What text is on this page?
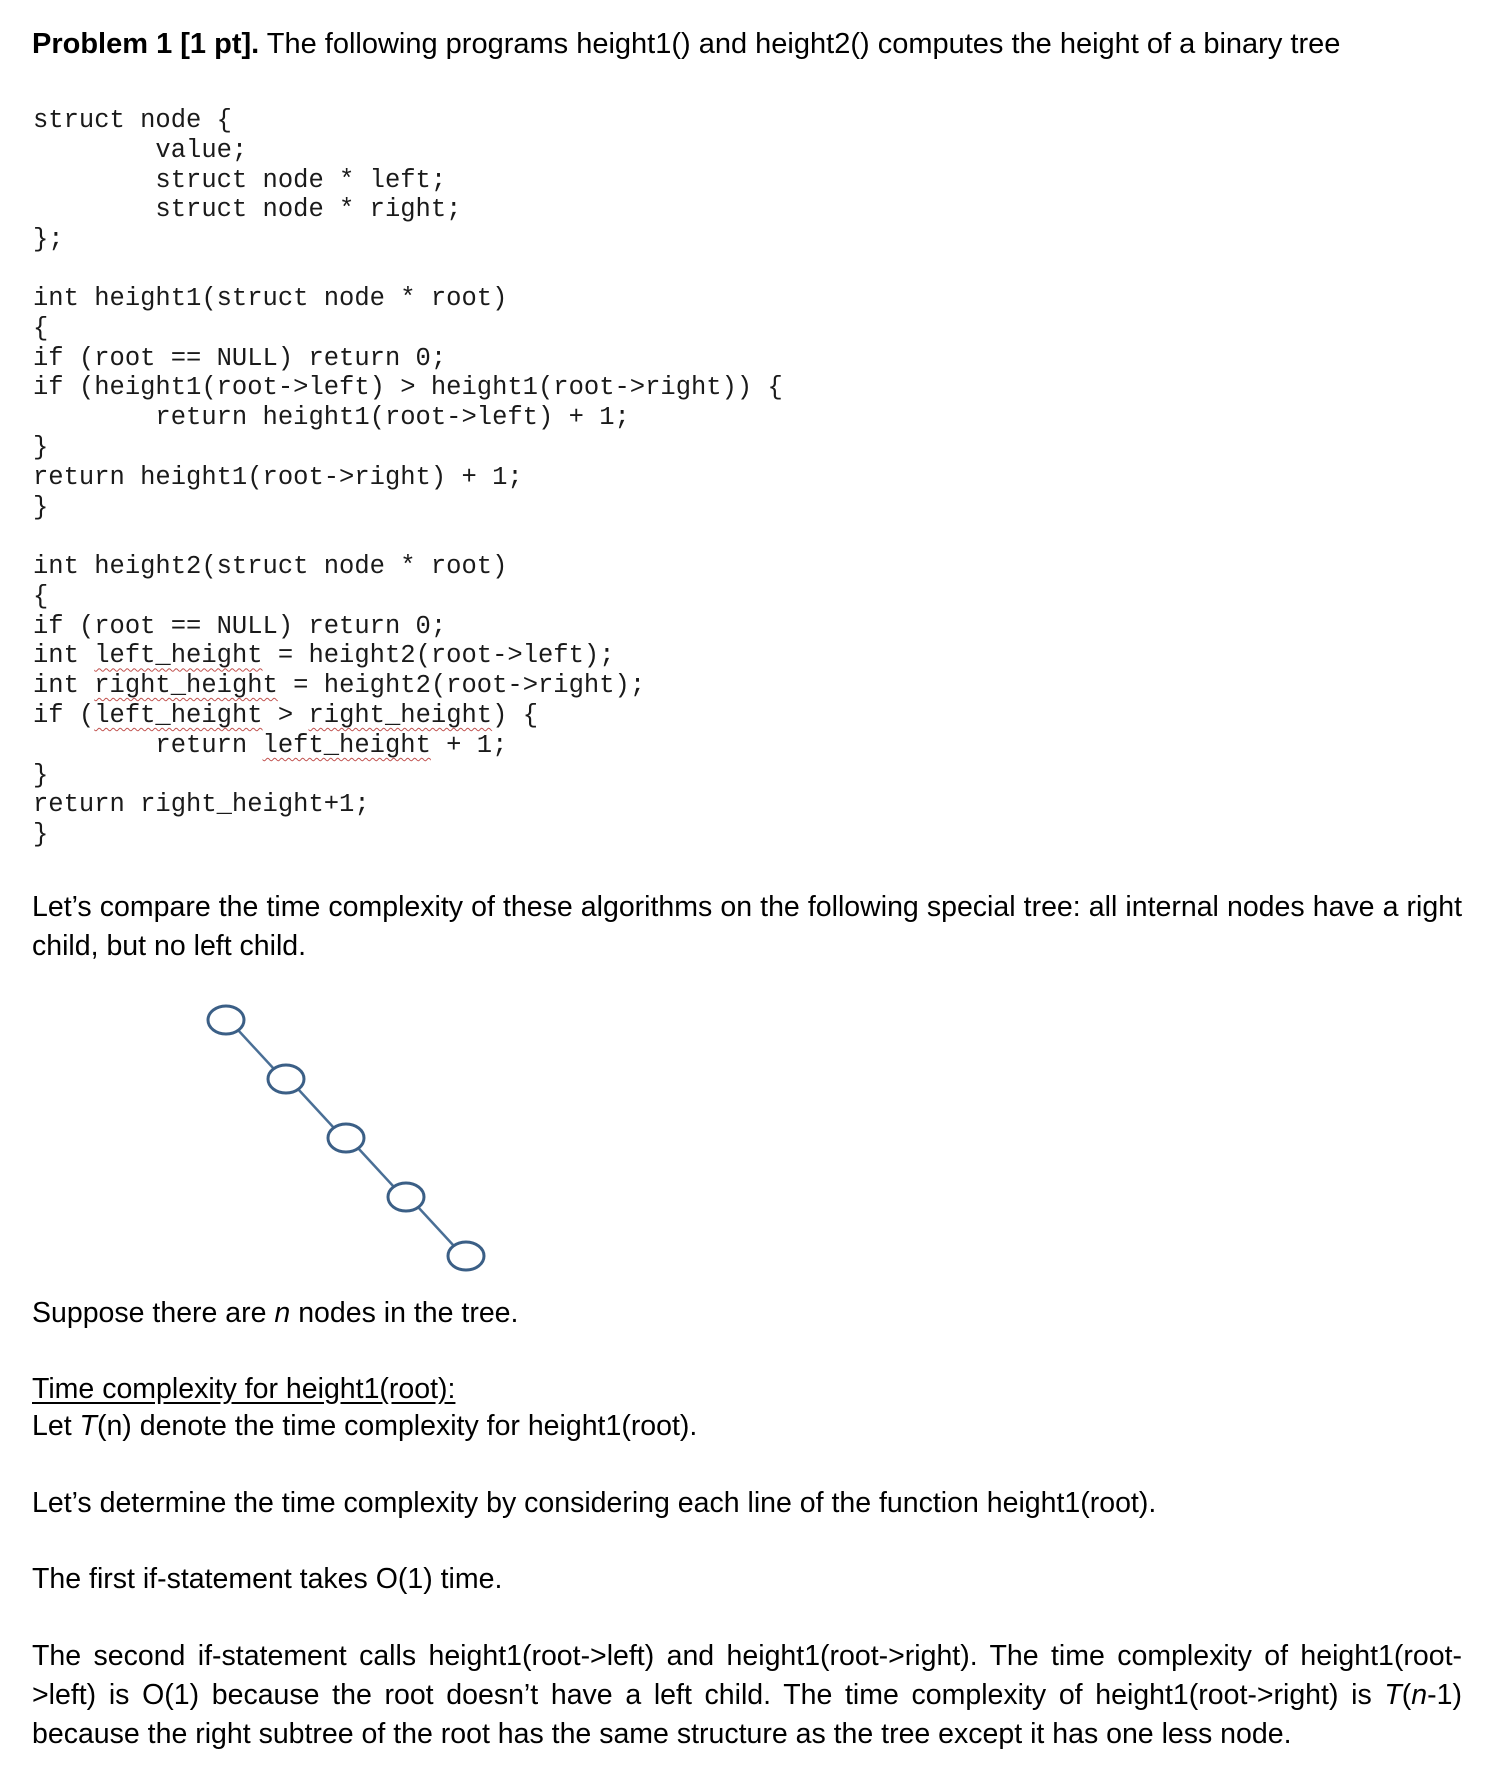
Problem 1 [1 pt]. The following programs height1() and height2() computes the height of a binary tree
struct node {
value;
struct node * left;
struct node * right;
};
int height1(struct node * root)
{
if (root == NULL) return 0;
if (height1(root->left) > height1(root->right)) {
return height1(root->left) + 1;
}
return height1(root->right) + 1;
}
int height2(struct node * root)
{
if (root == NULL) return 0;
int left_height = height2(root->left);
int right_height = height2(root->right);
if (left_height > right_height) {
return left_height + 1;
}
return right_height+1;
}
Let’s compare the time complexity of these algorithms on the following special tree: all internal nodes have a right child, but no left child.
Suppose there are n nodes in the tree.
Time complexity for height1(root):
Let T(n) denote the time complexity for height1(root).
Let’s determine the time complexity by considering each line of the function height1(root).
The first if-statement takes O(1) time.
The second if-statement calls height1(root->left) and height1(root->right). The time complexity of height1(root->left) is O(1) because the root doesn’t have a left child. The time complexity of height1(root->right) is T(n-1) because the right subtree of the root has the same structure as the tree except it has one less node.
